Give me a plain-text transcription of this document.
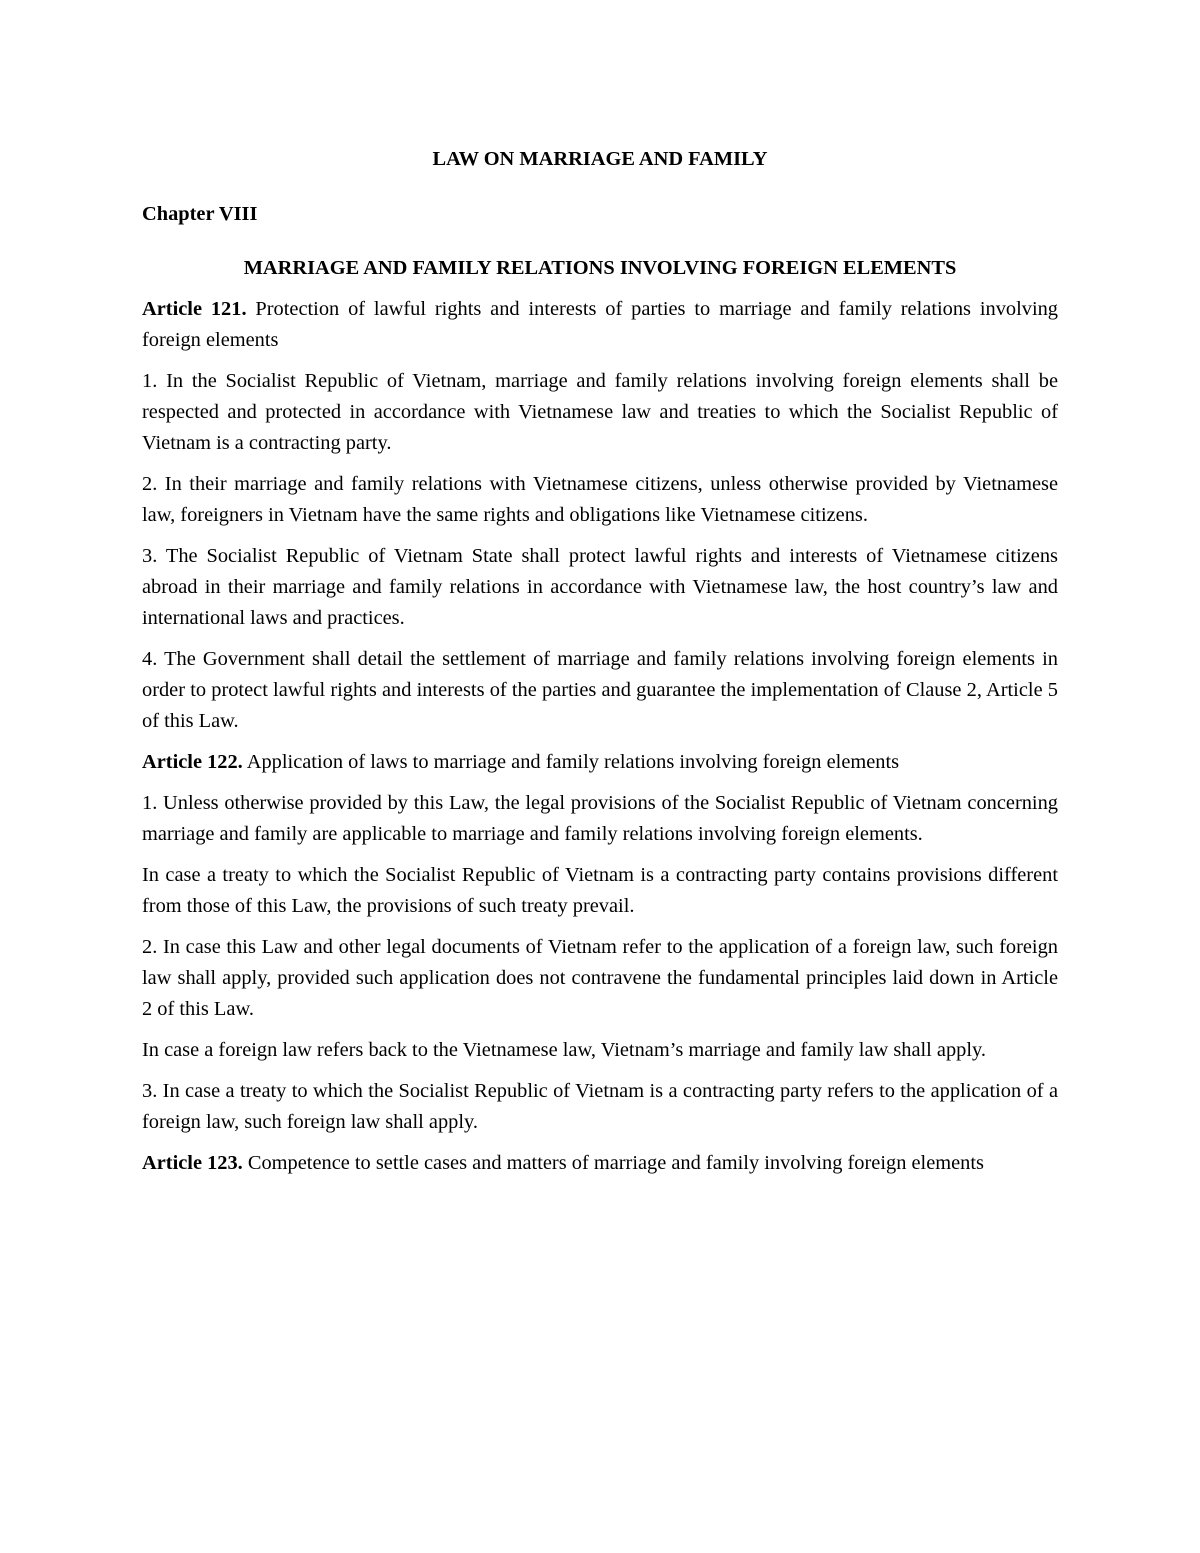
LAW ON MARRIAGE AND FAMILY
Chapter VIII
MARRIAGE AND FAMILY RELATIONS INVOLVING FOREIGN ELEMENTS

Article 121. Protection of lawful rights and interests of parties to marriage and family relations involving foreign elements

1. In the Socialist Republic of Vietnam, marriage and family relations involving foreign elements shall be respected and protected in accordance with Vietnamese law and treaties to which the Socialist Republic of Vietnam is a contracting party.

2. In their marriage and family relations with Vietnamese citizens, unless otherwise provided by Vietnamese law, foreigners in Vietnam have the same rights and obligations like Vietnamese citizens.

3. The Socialist Republic of Vietnam State shall protect lawful rights and interests of Vietnamese citizens abroad in their marriage and family relations in accordance with Vietnamese law, the host country’s law and international laws and practices.

4. The Government shall detail the settlement of marriage and family relations involving foreign elements in order to protect lawful rights and interests of the parties and guarantee the implementation of Clause 2, Article 5 of this Law.

Article 122. Application of laws to marriage and family relations involving foreign elements

1. Unless otherwise provided by this Law, the legal provisions of the Socialist Republic of Vietnam concerning marriage and family are applicable to marriage and family relations involving foreign elements.

In case a treaty to which the Socialist Republic of Vietnam is a contracting party contains provisions different from those of this Law, the provisions of such treaty prevail.

2. In case this Law and other legal documents of Vietnam refer to the application of a foreign law, such foreign law shall apply, provided such application does not contravene the fundamental principles laid down in Article 2 of this Law.

In case a foreign law refers back to the Vietnamese law, Vietnam’s marriage and family law shall apply.

3. In case a treaty to which the Socialist Republic of Vietnam is a contracting party refers to the application of a foreign law, such foreign law shall apply.

Article 123. Competence to settle cases and matters of marriage and family involving foreign elements
